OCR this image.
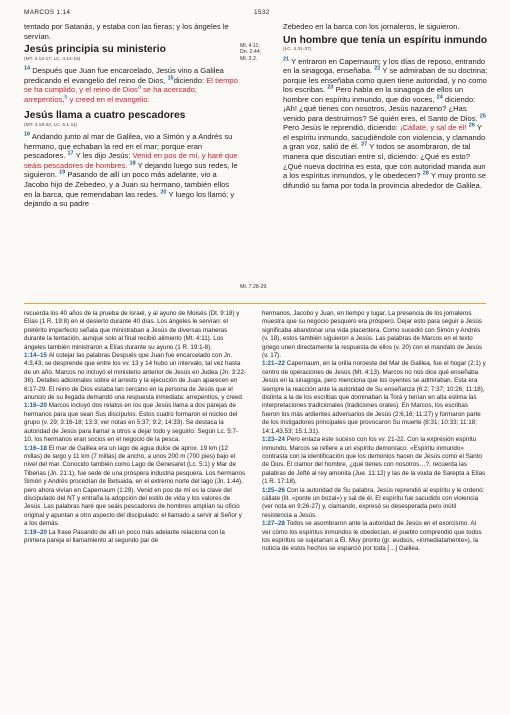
MARCOS 1:14	1532

tentado por Satanás, y estaba con las fieras; y los ángeles le servían.

Jesús principia su ministerio
(MT. 4.12-17; LC. 4.14-15)

$^{14}$ Después que Juan fue encarcelado, Jesús vino a Galilea predicando el evangelio del reino de Dios, $^{15}$diciendo: El tiempo se ha cumplido, y el reino de Dios$^a$ se ha acercado; arrepentíos,$^b$ y creed en el evangelio.

Jesús llama a cuatro pescadores
(MT. 4.18-22; LC. 5.1-11)

$^{16}$ Andando junto al mar de Galilea, vio a Simón y a Andrés su hermano, que echaban la red en el mar; porque eran pescadores. $^{17}$ Y les dijo Jesús: Venid en pos de mí, y haré que seáis pescadores de hombres. $^{18}$ Y dejando luego sus redes, le siguieron. $^{19}$ Pasando de allí un poco más adelante, vio a Jacobo hijo de Zebedeo, y a Juan su hermano, también ellos en la barca, que remendaban las redes. $^{20}$ Y luego los llamó; y dejando a su padre

Mt. 4.11;
Dn. 2.44;
Mt. 3.2.
Mt. 7.28-29.

Zebedeo en la barca con los jornaleros, le siguieron.

Un hombre que tenía un espíritu inmundo
(LC. 4.31-37)

$^{21}$ Y entraron en Capernaum; y los días de reposo, entrando en la sinagoga, enseñaba. $^{22}$ Y se admiraban de su doctrina; porque les enseñaba como quien tiene autoridad, y no como los escribas. $^{23}$ Pero había en la sinagoga de ellos un hombre con espíritu inmundo, que dio voces, $^{24}$ diciendo: ¡Ah! ¿qué tienes con nosotros, Jesús nazareno? ¿Has venido para destruirnos? Sé quién eres, el Santo de Dios. $^{25}$ Pero Jesús le reprendió, diciendo: ¡Cállate, y sal de él! $^{26}$ Y el espíritu inmundo, sacudiéndole con violencia, y clamando a gran voz, salió de él. $^{27}$ Y todos se asombraron, de tal manera que discutían entre sí, diciendo: ¿Qué es esto? ¿Qué nueva doctrina es esta, que con autoridad manda aun a los espíritus inmundos, y le obedecen? $^{28}$ Y muy pronto se difundió su fama por toda la provincia alrededor de Galilea.

recuerda los 40 años de la prueba de Israel, y al ayuno de Moisés (Dt. 9:18) y Elías (1 R. 19:8) en el desierto durante 40 días. Los ángeles le servían: el pretérito imperfecto señala que ministraban a Jesús de diversas maneras durante la tentación, aunque solo al final recibió alimento (Mt. 4:11). Los ángeles también ministraron a Elías durante su ayuno (1 R. 19:1-8).

1:14–15 Al cotejar las palabras Después que Juan fue encarcelado con Jn. 4:3,43, se desprende que entre los vv. 13 y 14 hubo un intervalo, tal vez hasta de un año. Marcos no incluyó el ministerio anterior de Jesús en Judea (Jn. 3:22-36). Detalles adicionales sobre el arresto y la ejecución de Juan aparecen en 6:17-29. El reino de Dios estaba tan cercano en la persona de Jesús que el anuncio de su llegada demandó una respuesta inmediata: arrepentíos, y creed.

1:16–20 Marcos incluyó dos relatos en los que Jesús llama a dos parejas de hermanos para que sean Sus discípulos. Estos cuatro formaron el núcleo del grupo (v. 29; 3:16-18; 13:3; ver notas en 5:37; 9:2; 14:33). Se destaca la autoridad de Jesús para llamar a otros a dejar todo y seguirlo. Según Lc. 5:7-10, los hermanos eran socios en el negocio de la pesca.

1:16–18 El mar de Galilea era un lago de agua dulce de aprox. 19 km (12 millas) de largo y 11 km (7 millas) de ancho, a unos 200 m (700 pies) bajo el nivel del mar. Conocido también como Lago de Genesaret (Lc. 5:1) y Mar de Tiberias (Jn. 21:1), fue sede de una próspera industria pesquera. Los hermanos Simón y Andrés procedían de Betsaida, en el extremo norte del lago (Jn. 1:44), pero ahora vivían en Capernaum (1:29). Venid en pos de mí es la clave del discipulado del NT y entraña la adopción del estilo de vida y los valores de Jesús. Las palabras haré que seáis pescadores de hombres amplían su oficio original y apuntan a otro aspecto del discipulado: el llamado a servir al Señor y a los demás.

1:19–20 La frase Pasando de allí un poco más adelante relaciona con la primera pareja el llamamiento al segundo par de

hermanos, Jacobo y Juan, en tiempo y lugar. La presencia de los jornaleros muestra que su negocio pesquero era próspero. Dejar esto para seguir a Jesús significaba abandonar una vida placentera. Como sucedió con Simón y Andrés (v. 18), estos también siguieron a Jesús. Las palabras de Marcos en el texto griego unen directamente la respuesta de ellos (v. 20) con el mandato de Jesús (v. 17).

1:21–22 Capernaum, en la orilla noroeste del Mar de Galilea, fue el hogar (2:1) y centro de operaciones de Jesús (Mt. 4:13). Marcos no nos dice qué enseñaba Jesús en la sinagoga, pero menciona que los oyentes se admiraban. Esta era siempre la reacción ante la autoridad de Su enseñanza (6:2; 7:37; 10:26; 11:18), distinta a la de los escribas que dominaban la Torá y tenían en alta estima las interpretaciones tradicionales (tradiciones orales). En Marcos, los escribas fueron los más ardientes adversarios de Jesús (2:6,16; 11:27) y formaron parte de los instigadores principales que provocaron Su muerte (8:31; 10:33; 11:18; 14:1,43,53; 15:1,31).

1:23–24 Pero enlaza este suceso con los vv. 21-22. Con la expresión espíritu inmundo, Marcos se refiere a un espíritu demoníaco. «Espíritu inmundo» contrasta con la identificación que los demonios hacen de Jesús como el Santo de Dios. El clamor del hombre, ¿qué tienes con nosotros…?, recuerda las palabras de Jefté al rey amonita (Jue. 11:12) y las de la viuda de Sarepta a Elías (1 R. 17:18).

1:25–26 Con la autoridad de Su palabra, Jesús reprendió al espíritu y le ordenó: cállate (lit. «ponte un bozal») y sal de él. El espíritu fue sacudido con violencia (ver nota en 9:26-27) y, clamando, expresó su desesperada pero inútil resistencia a Jesús.

1:27–28 Todos se asombraron ante la autoridad de Jesús en el exorcismo. Al ver cómo los espíritus inmundos le obedecían, el pueblo comprendió que todos los espíritus se sujetarían a Él. Muy pronto (gr. eudsús, «inmediatamente»), la noticia de estos hechos se esparció por toda […] Galilea.
